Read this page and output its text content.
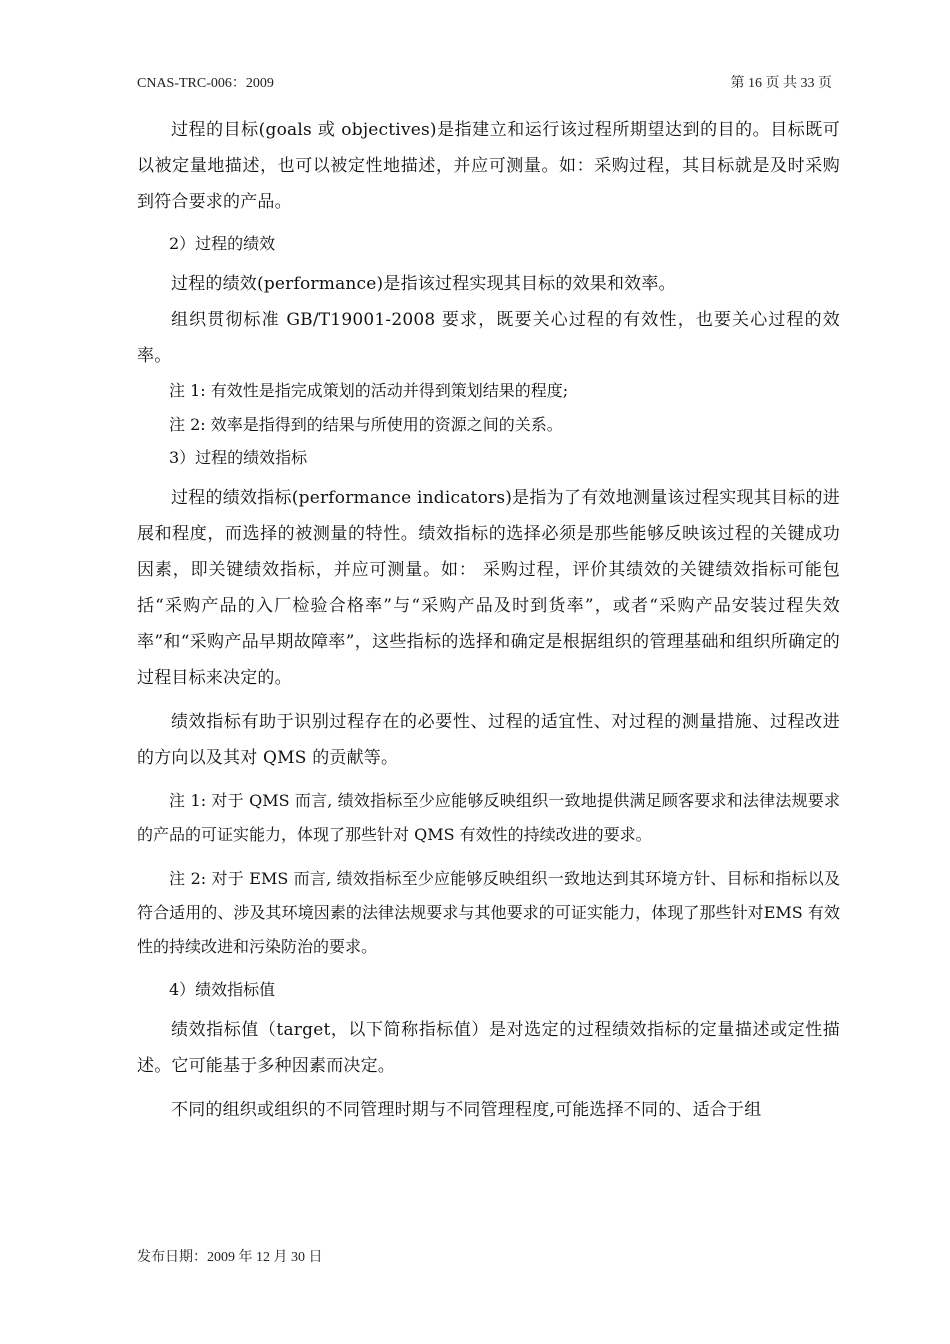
CNAS-TRC-006：2009	第 16 页 共 33 页

过程的目标(goals 或 objectives)是指建立和运行该过程所期望达到的目的。目标既可以被定量地描述，也可以被定性地描述，并应可测量。如：采购过程，其目标就是及时采购到符合要求的产品。

2）过程的绩效

过程的绩效(performance)是指该过程实现其目标的效果和效率。

组织贯彻标准 GB/T19001-2008 要求，既要关心过程的有效性，也要关心过程的效率。

注 1: 有效性是指完成策划的活动并得到策划结果的程度;

注 2: 效率是指得到的结果与所使用的资源之间的关系。

3）过程的绩效指标

过程的绩效指标(performance indicators)是指为了有效地测量该过程实现其目标的进展和程度，而选择的被测量的特性。绩效指标的选择必须是那些能够反映该过程的关键成功因素，即关键绩效指标，并应可测量。如： 采购过程，评价其绩效的关键绩效指标可能包括“采购产品的入厂检验合格率”与“采购产品及时到货率”，或者“采购产品安装过程失效率”和“采购产品早期故障率”，这些指标的选择和确定是根据组织的管理基础和组织所确定的过程目标来决定的。

绩效指标有助于识别过程存在的必要性、过程的适宜性、对过程的测量措施、过程改进的方向以及其对 QMS 的贡献等。

注 1: 对于 QMS 而言, 绩效指标至少应能够反映组织一致地提供满足顾客要求和法律法规要求的产品的可证实能力，体现了那些针对 QMS 有效性的持续改进的要求。

注 2: 对于 EMS 而言, 绩效指标至少应能够反映组织一致地达到其环境方针、目标和指标以及符合适用的、涉及其环境因素的法律法规要求与其他要求的可证实能力，体现了那些针对EMS 有效性的持续改进和污染防治的要求。

4）绩效指标值

绩效指标值（target，以下简称指标值）是对选定的过程绩效指标的定量描述或定性描述。它可能基于多种因素而决定。

不同的组织或组织的不同管理时期与不同管理程度,可能选择不同的、适合于组

发布日期：2009 年 12 月 30 日
